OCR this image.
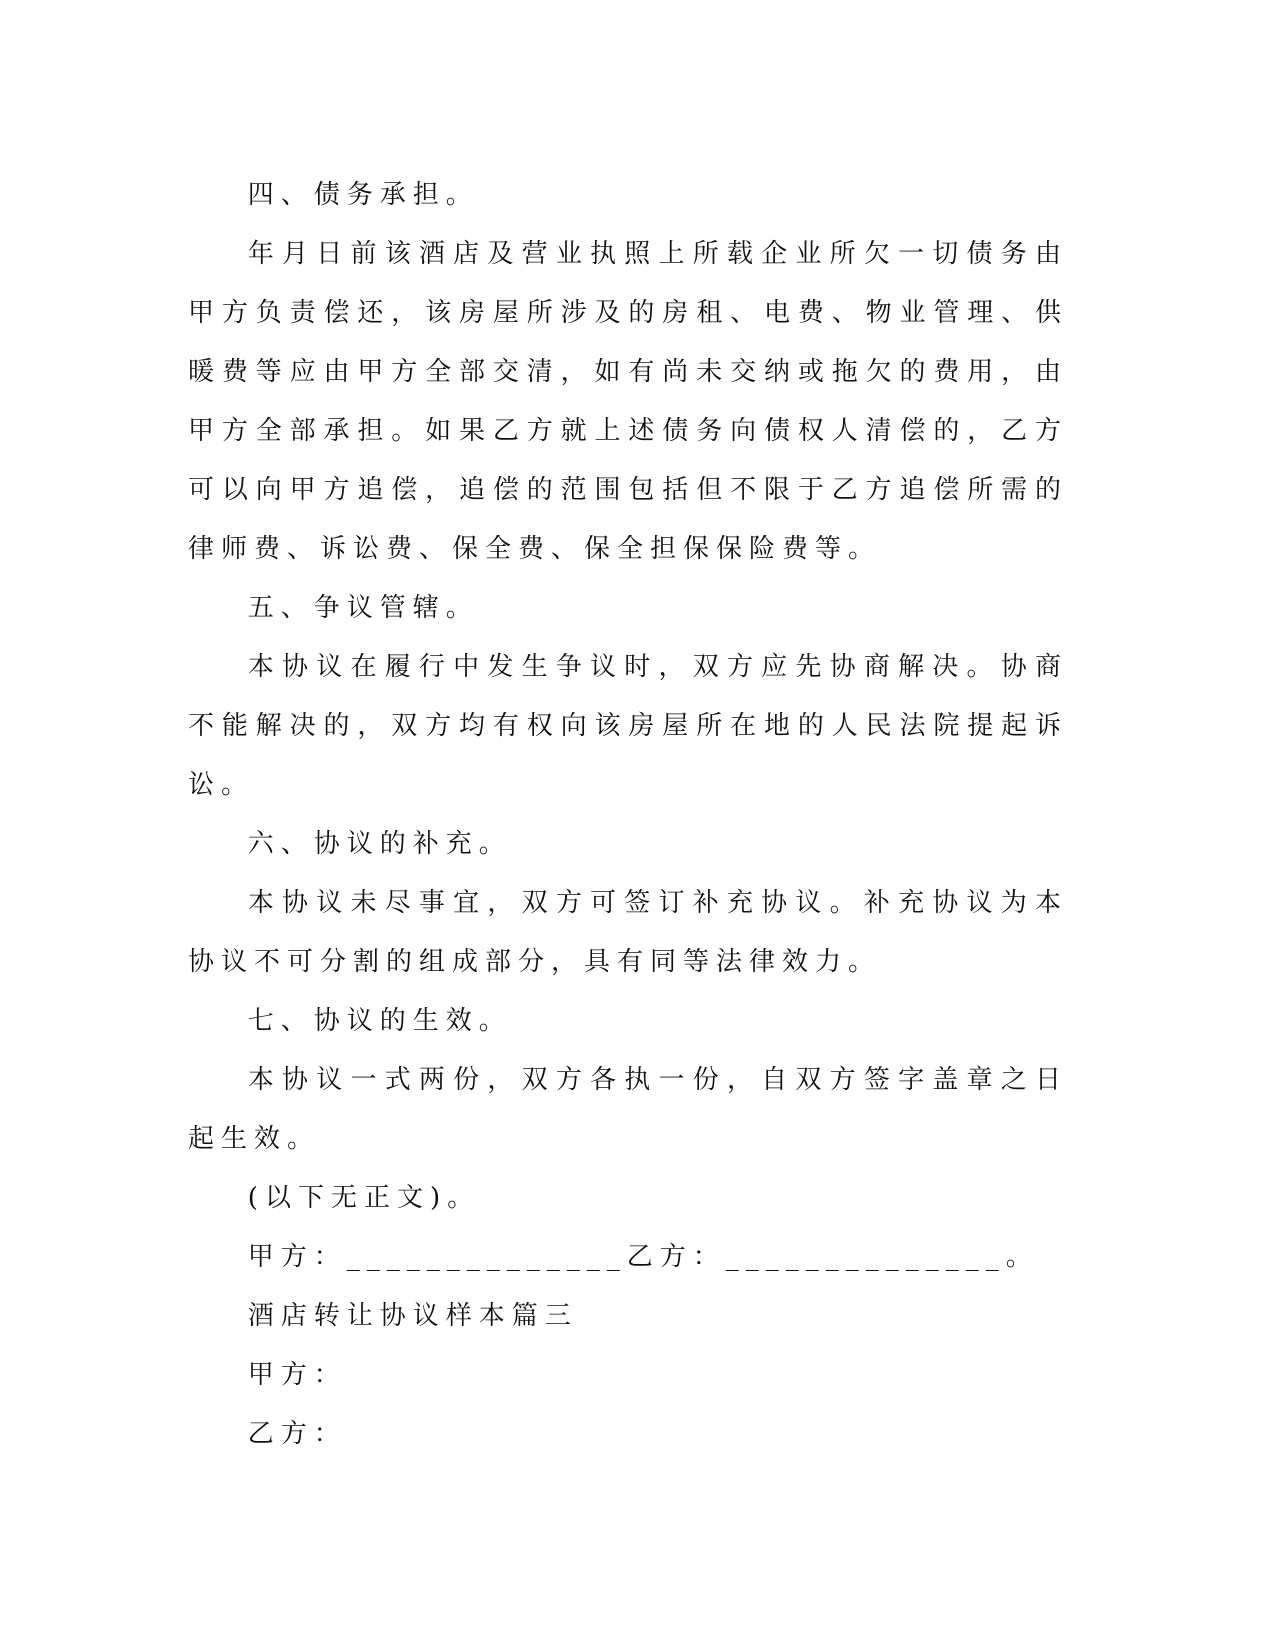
四、债务承担。

年月日前该酒店及营业执照上所载企业所欠一切债务由甲方负责偿还，该房屋所涉及的房租、电费、物业管理、供暖费等应由甲方全部交清，如有尚未交纳或拖欠的费用，由甲方全部承担。如果乙方就上述债务向债权人清偿的，乙方可以向甲方追偿，追偿的范围包括但不限于乙方追偿所需的律师费、诉讼费、保全费、保全担保保险费等。

五、争议管辖。

本协议在履行中发生争议时，双方应先协商解决。协商不能解决的，双方均有权向该房屋所在地的人民法院提起诉讼。

六、协议的补充。

本协议未尽事宜，双方可签订补充协议。补充协议为本协议不可分割的组成部分，具有同等法律效力。

七、协议的生效。

本协议一式两份，双方各执一份，自双方签字盖章之日起生效。

(以下无正文)。

甲方：______________乙方：______________。

酒店转让协议样本篇三

甲方：

乙方：
